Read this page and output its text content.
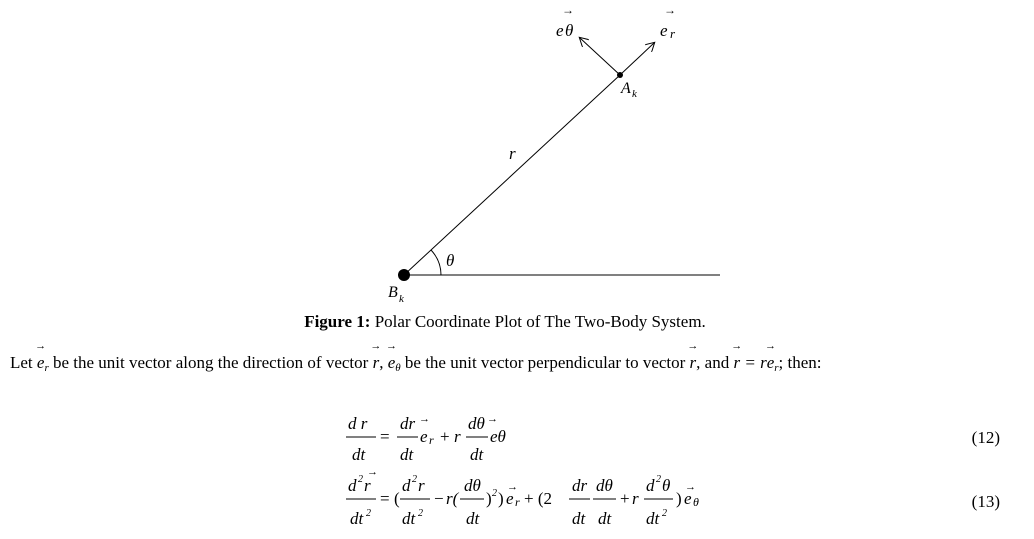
→
e θ
→
e r
A k
B k
r
θ
Figure 1: Polar Coordinate Plot of The Two-Body System.
Let → $e_r$ be the unit vector along the direction of vector → r, → $e_\theta$ be the unit vector perpendicular to vector → r, and → $r = r\to e_r$; then:
d r
dt
=
dr →
dt
e r + r
dθ →
dt
eθ	(12)
→
d 2 r
dt 2
= (
d 2 r
dt 2
− r(
dθ
dt
) 2 ) e
→
r + (2
dr
dt
dθ
dt
+ r
d 2 θ
dt 2
) e
→
θ	(13)
